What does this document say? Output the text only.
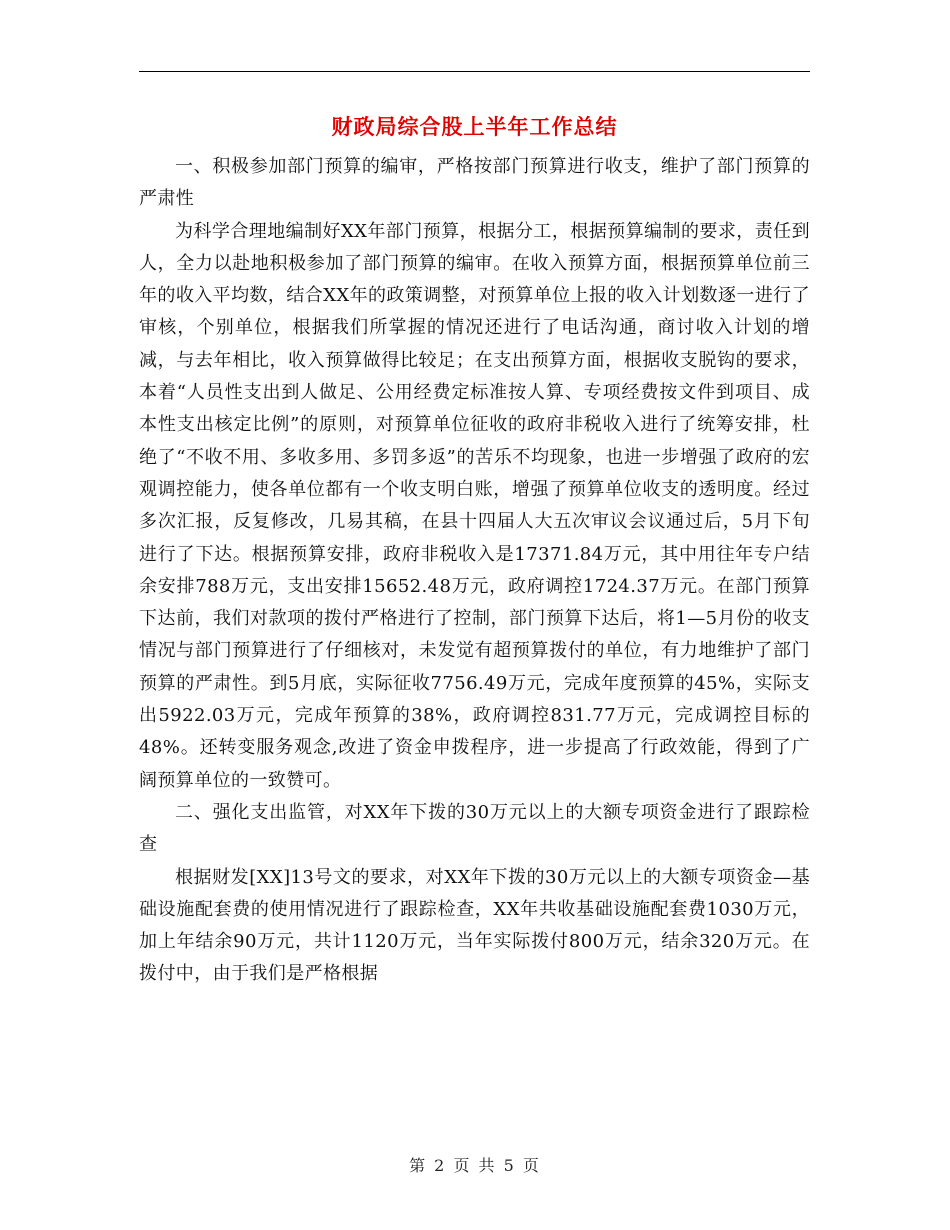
财政局综合股上半年工作总结

一、积极参加部门预算的编审，严格按部门预算进行收支，维护了部门预算的严肃性

为科学合理地编制好XX年部门预算，根据分工，根据预算编制的要求，责任到人，全力以赴地积极参加了部门预算的编审。在收入预算方面，根据预算单位前三年的收入平均数，结合XX年的政策调整，对预算单位上报的收入计划数逐一进行了审核，个别单位，根据我们所掌握的情况还进行了电话沟通，商讨收入计划的增减，与去年相比，收入预算做得比较足；在支出预算方面，根据收支脱钩的要求，本着“人员性支出到人做足、公用经费定标准按人算、专项经费按文件到项目、成本性支出核定比例”的原则，对预算单位征收的政府非税收入进行了统筹安排，杜绝了“不收不用、多收多用、多罚多返”的苦乐不均现象，也进一步增强了政府的宏观调控能力，使各单位都有一个收支明白账，增强了预算单位收支的透明度。经过多次汇报，反复修改，几易其稿，在县十四届人大五次审议会议通过后，5月下旬进行了下达。根据预算安排，政府非税收入是17371.84万元，其中用往年专户结余安排788万元，支出安排15652.48万元，政府调控1724.37万元。在部门预算下达前，我们对款项的拨付严格进行了控制，部门预算下达后，将1—5月份的收支情况与部门预算进行了仔细核对，未发觉有超预算拨付的单位，有力地维护了部门预算的严肃性。到5月底，实际征收7756.49万元，完成年度预算的45%，实际支出5922.03万元，完成年预算的38%，政府调控831.77万元，完成调控目标的48%。还转变服务观念,改进了资金申拨程序，进一步提高了行政效能，得到了广阔预算单位的一致赞可。

二、强化支出监管，对XX年下拨的30万元以上的大额专项资金进行了跟踪检查

根据财发[XX]13号文的要求，对XX年下拨的30万元以上的大额专项资金—基础设施配套费的使用情况进行了跟踪检查，XX年共收基础设施配套费1030万元，加上年结余90万元，共计1120万元，当年实际拨付800万元，结余320万元。在拨付中，由于我们是严格根据

第 2 页 共 5 页
